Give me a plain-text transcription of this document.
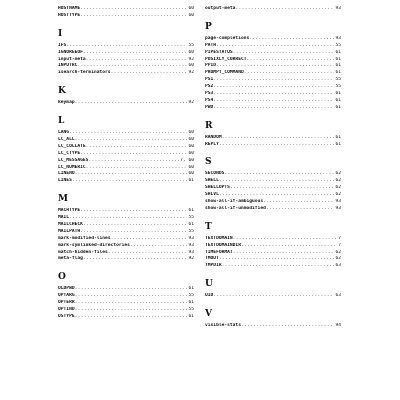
HOSTNAME .....	60
HOSTTYPE .....	60
I
IFS .....	55
IGNOREEOF .....	60
input-meta .....	92
INPUTRC .....	60
isearch-terminators .....	92
K
keymap .....	92
L
LANG .....	60
LC_ALL .....	60
LC_COLLATE .....	60
LC_CTYPE .....	60
LC_MESSAGES .....	7, 60
LC_NUMERIC .....	60
LINENO .....	60
LINES .....	61
M
MACHTYPE .....	61
MAIL .....	55
MAILCHECK .....	61
MAILPATH .....	55
mark-modified-lines .....	93
mark-symlinked-directories .....	93
match-hidden-files .....	93
meta-flag .....	92
O
OLDPWD .....	61
OPTARG .....	55
OPTERR .....	61
OPTIND .....	55
OSTYPE .....	61
output-meta .....	93
P
page-completions .....	93
PATH .....	55
PIPESTATUS .....	61
POSIXLY_CORRECT .....	61
PPID .....	61
PROMPT_COMMAND .....	61
PS1 .....	55
PS2 .....	55
PS3 .....	61
PS4 .....	61
PWD .....	61
R
RANDOM .....	61
REPLY .....	61
S
SECONDS .....	62
SHELL .....	62
SHELLOPTS .....	62
SHLVL .....	62
show-all-if-ambiguous .....	93
show-all-if-unmodified .....	93
T
TEXTDOMAIN .....	7
TEXTDOMAINDIR .....	7
TIMEFORMAT .....	62
TMOUT .....	62
TMPDIR .....	63
U
UID .....	63
V
visible-stats .....	94
